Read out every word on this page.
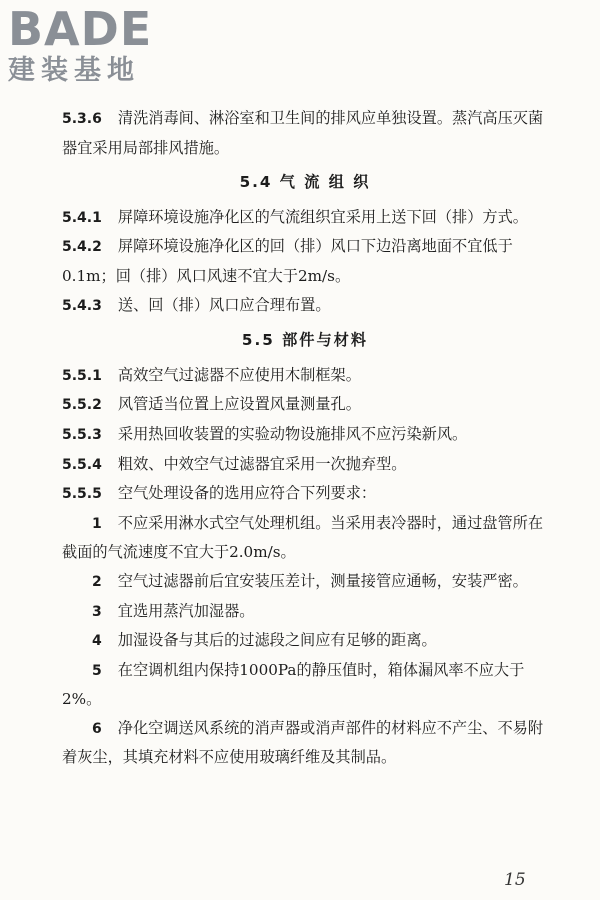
BADE

建装基地

5.3.6 清洗消毒间、淋浴室和卫生间的排风应单独设置。蒸汽高压灭菌器宜采用局部排风措施。

5.4 气 流 组 织

5.4.1 屏障环境设施净化区的气流组织宜采用上送下回（排）方式。

5.4.2 屏障环境设施净化区的回（排）风口下边沿离地面不宜低于0.1m；回（排）风口风速不宜大于2m/s。

5.4.3 送、回（排）风口应合理布置。

5.5 部件与材料

5.5.1 高效空气过滤器不应使用木制框架。

5.5.2 风管适当位置上应设置风量测量孔。

5.5.3 采用热回收装置的实验动物设施排风不应污染新风。

5.5.4 粗效、中效空气过滤器宜采用一次抛弃型。

5.5.5 空气处理设备的选用应符合下列要求：

1 不应采用淋水式空气处理机组。当采用表冷器时，通过盘管所在截面的气流速度不宜大于2.0m/s。

2 空气过滤器前后宜安装压差计，测量接管应通畅，安装严密。

3 宜选用蒸汽加湿器。

4 加湿设备与其后的过滤段之间应有足够的距离。

5 在空调机组内保持1000Pa的静压值时，箱体漏风率不应大于2%。

6 净化空调送风系统的消声器或消声部件的材料应不产尘、不易附着灰尘，其填充材料不应使用玻璃纤维及其制品。

15
